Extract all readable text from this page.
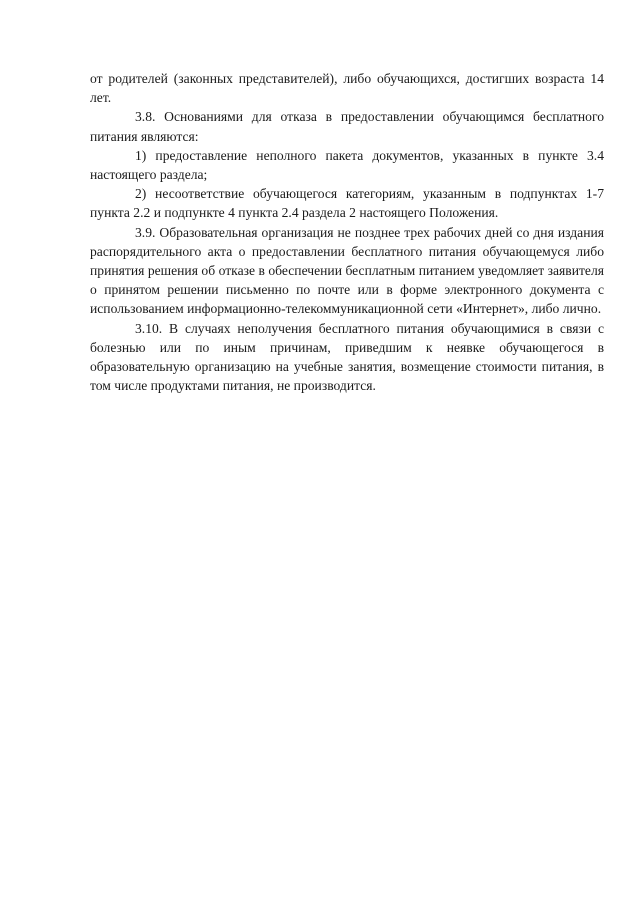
от родителей (законных представителей), либо обучающихся, достигших возраста 14 лет.

3.8. Основаниями для отказа в предоставлении обучающимся бесплатного питания являются:

1) предоставление неполного пакета документов, указанных в пункте 3.4 настоящего раздела;

2) несоответствие обучающегося категориям, указанным в подпунктах 1-7 пункта 2.2 и подпункте 4 пункта 2.4 раздела 2 настоящего Положения.

3.9. Образовательная организация не позднее трех рабочих дней со дня издания распорядительного акта о предоставлении бесплатного питания обучающемуся либо принятия решения об отказе в обеспечении бесплатным питанием уведомляет заявителя о принятом решении письменно по почте или в форме электронного документа с использованием информационно-телекоммуникационной сети «Интернет», либо лично.

3.10. В случаях неполучения бесплатного питания обучающимися в связи с болезнью или по иным причинам, приведшим к неявке обучающегося в образовательную организацию на учебные занятия, возмещение стоимости питания, в том числе продуктами питания, не производится.
